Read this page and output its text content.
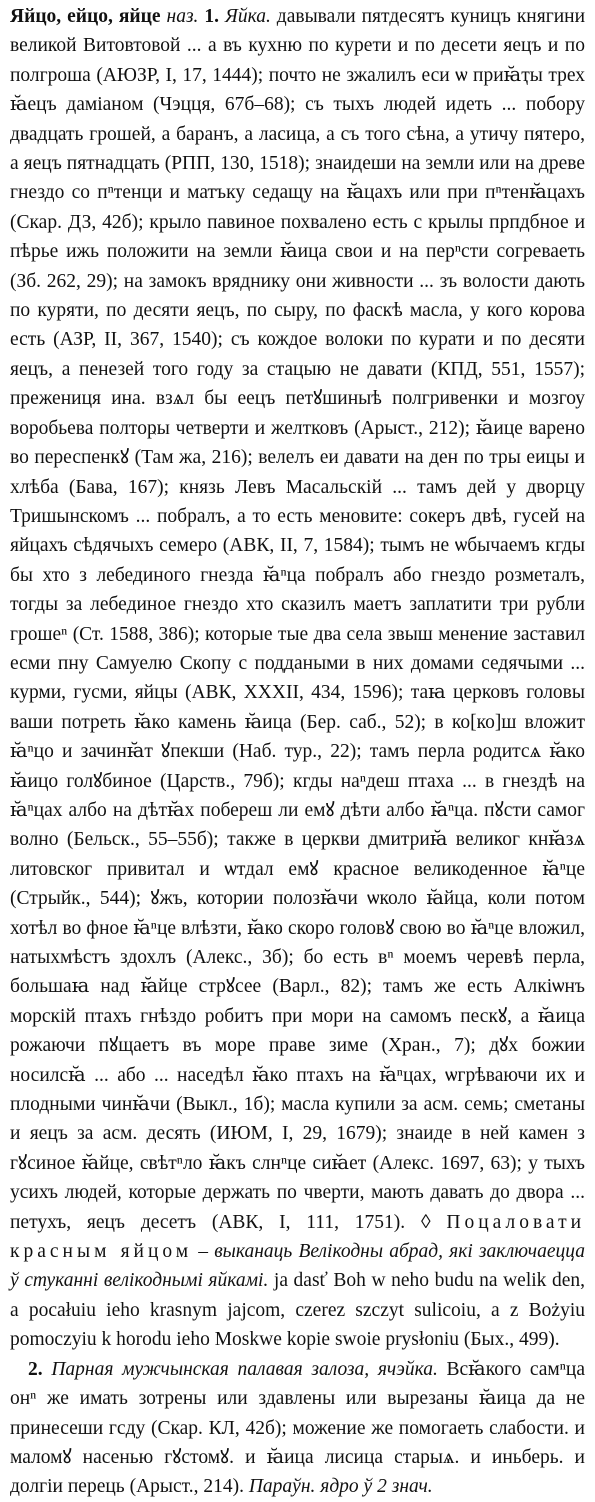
Яйцо, ейцо, яйце наз. 1. Яйка. давывали пятдесятъ куницъ княгини великой Витовтовой ... а въ кухню по курети и по десети яецъ и по полгроша (АЮЗР, I, 17, 1444); почто не зжалилъ еси ѡ приꙗ̆ҭы трех ꙗ̆ецъ даміаном (Чэцця, 67б–68); съ тыхъ людей идеть ... побору двадцать грошей, а баранъ, а ласица, а съ того сѣна, а утичу пятеро, а яецъ пятнадцать (РПП, 130, 1518); знаидеши на земли или на древе гнездо со пⁿтенци и матъку седащу на ꙗ̆цахъ или при пⁿтенꙗ̆цахъ (Скар. ДЗ, 42б); крыло павиное похвалено есть с крылы прпдбное и пѣрье ижь положити на земли ꙗ̆ица свои и на перⁿсти согреваеть (Зб. 262, 29); на замокъ вряднику они живности ... зъ волости дають по куряти, по десяти яецъ, по сыру, по фаскѣ масла, у кого корова есть (АЗР, II, 367, 1540); съ кождое волоки по курати и по десяти яецъ, а пенезей того году за стацыю не давати (КПД, 551, 1557); прежениця ина. взѧл бы еецъ петꙋшиныѣ полгривенки и мозгоу воробьева полтоҏы четверти и желтковъ (Арыст., 212); ꙗ̆ице варено во переспенкꙋ (Там жа, 216); велелъ еи давати на ден по тры еицы и хлѣба (Бава, 167); князь Левъ Масальскій ... тамъ дей у дворцу Тришынскомъ ... побралъ, а то есть меновите: сокеръ двѣ, гусей на яйцахъ сѣдячыхъ семеро (АВК, II, 7, 1584); тымъ не ѡбычаемъ кгды бы хто з лебединого гнезда ꙗ̆ⁿца побралъ або гнездо розметалъ, тогды за лебединое гнездо хто сказилъ маетъ заплатити три рубли грошеⁿ (Ст. 1588, 386); которые тые два села звыш менение заставил есми пну Самуелю Скопу с поддаными в них домами седячыми ... курми, гусми, яйцы (АВК, XXXII, 434, 1596); таꙗ церковъ головы ваши потреть ꙗ̆ко камень ꙗ̆ица (Бер. саб., 52); в ко[ко]ш вложит ꙗ̆ⁿцо и зачинꙗ̆т ꙋпекши (Наб. тур., 22); тамъ перла родитсѧ ꙗ̆ко ꙗ̆ицо голꙋбиное (Царств., 79б); кгды наⁿдеш птаха ... в гнездѣ на ꙗ̆ⁿцах албо на дѣтꙗ̆х побереш ли емꙋ дѣти албо ꙗ̆ⁿца. пꙋсти самог волно (Бельск., 55–55б); также в церкви дмитриꙗ̆ великог кнꙗ̆зѧ литовског привитал и ѡтдал емꙋ красное великоденное ꙗ̆ⁿце (Стрыйк., 544); ꙋжъ, котории полозꙗ̆чи ѡколо ꙗ̆йца, коли потом хотѣл во фное ꙗ̆ⁿце влѣзти, ꙗ̆ко скоро головꙋ свою во ꙗ̆ⁿце вложил, натыхмѣстъ здохлъ (Алекс., 3б); бо есть вⁿ моемъ черевѣ перла, большаꙗ над ꙗ̆йце стрꙋсее (Варл., 82); тамъ же есть Алкіѡнъ морскій птахъ гнѣздо робитъ при мори на самомъ пескꙋ, а ꙗ̆ица рожаючи пꙋщаетъ въ море праве зиме (Хран., 7); дꙋх божии носилсꙗ̆ ... або ... наседѣл ꙗ̆ко птахъ на ꙗ̆ⁿцах, ѡгрѣваючи их и плодными чинꙗ̆чи (Выкл., 1б); масла купили за асм. семь; сметаны и яецъ за асм. десять (ИЮМ, I, 29, 1679); знаиде в ней камен з гꙋсиное ꙗ̆йце, свѣтⁿло ꙗ̆къ слнⁿце сиꙗ̆ет (Алекс. 1697, 63); у тыхъ усихъ людей, которые держать по чверти, мають давать до двора ... петухъ, яецъ десетъ (АВК, I, 111, 1751). ◊ Поцаловати красным яйцом – выканаць Велікодны абрад, які заключаецца ў стуканні велікоднымі яйкамі. ja dasť Boh w neho budu na welik den, a pocałuiu ieho krasnym jajcom, czerez szczyt sulicoiu, a z Bożyiu pomoczyiu k horodu ieho Moskwe kopie swoie prysłoniu (Бых., 499).

2. Парная мужчынская палавая залоза, ячэйка. Всꙗ̆кого самⁿца онⁿ же имать зотрены или здавлены или вырезаны ꙗ̆ица да не принесеши гсду (Скар. КЛ, 42б); можение же помогаеть слабости. и маломꙋ насенью гꙋстомꙋ. и ꙗ̆ица лисица старыѧ. и иньберь. и долгіи перець (Арыст., 214). Параўн. ядро ў 2 знач.
